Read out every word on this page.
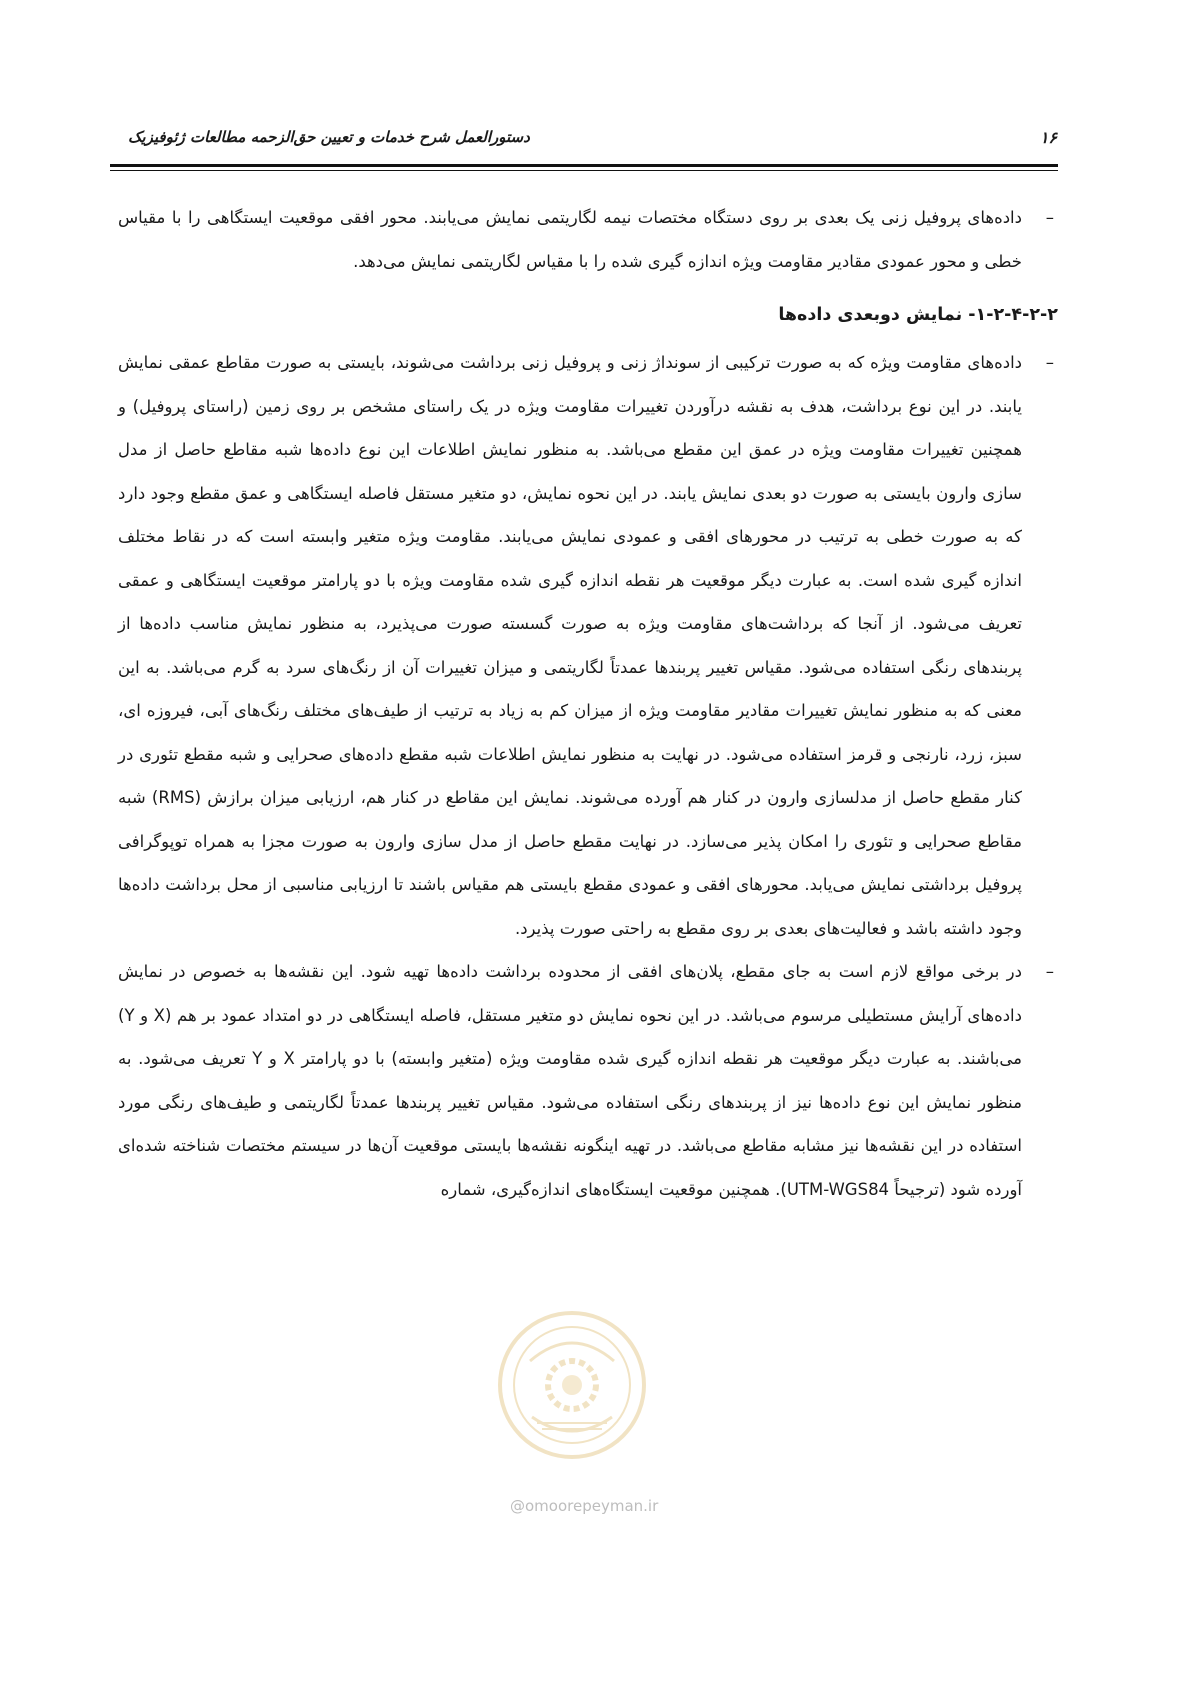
۱۶
دستورالعمل شرح خدمات و تعیین حق‌الزحمه مطالعات ژئوفیزیک

–
داده‌های پروفیل زنی یک بعدی بر روی دستگاه مختصات نیمه لگاریتمی نمایش می‌یابند. محور افقی موقعیت ایستگاهی را با مقیاس خطی و محور عمودی مقادیر مقاومت ویژه اندازه گیری شده را با مقیاس لگاریتمی نمایش می‌دهد.

۱-۲-۴-۲-۲- نمایش دوبعدی داده‌ها

–
داده‌های مقاومت ویژه که به صورت ترکیبی از سونداژ زنی و پروفیل زنی برداشت می‌شوند، بایستی به صورت مقاطع عمقی نمایش یابند. در این نوع برداشت، هدف به نقشه درآوردن تغییرات مقاومت ویژه در یک راستای مشخص بر روی زمین (راستای پروفیل) و همچنین تغییرات مقاومت ویژه در عمق این مقطع می‌باشد. به منظور نمایش اطلاعات این نوع داده‌ها شبه مقاطع حاصل از مدل سازی وارون بایستی به صورت دو بعدی نمایش یابند. در این نحوه نمایش، دو متغیر مستقل فاصله ایستگاهی و عمق مقطع وجود دارد که به صورت خطی به ترتیب در محورهای افقی و عمودی نمایش می‌یابند. مقاومت ویژه متغیر وابسته است که در نقاط مختلف اندازه گیری شده است. به عبارت دیگر موقعیت هر نقطه اندازه گیری شده مقاومت ویژه با دو پارامتر موقعیت ایستگاهی و عمقی تعریف می‌شود. از آنجا که برداشت‌های مقاومت ویژه به صورت گسسته صورت می‌پذیرد، به منظور نمایش مناسب داده‌ها از پربندهای رنگی استفاده می‌شود. مقیاس تغییر پربندها عمدتاً لگاریتمی و میزان تغییرات آن از رنگ‌های سرد به گرم می‌باشد. به این معنی که به منظور نمایش تغییرات مقادیر مقاومت ویژه از میزان کم به زیاد به ترتیب از طیف‌های مختلف رنگ‌های آبی، فیروزه ای، سبز، زرد، نارنجی و قرمز استفاده می‌شود. در نهایت به منظور نمایش اطلاعات شبه مقطع داده‌های صحرایی و شبه مقطع تئوری در کنار مقطع حاصل از مدلسازی وارون در کنار هم آورده می‌شوند. نمایش این مقاطع در کنار هم، ارزیابی میزان برازش (RMS) شبه مقاطع صحرایی و تئوری را امکان پذیر می‌سازد. در نهایت مقطع حاصل از مدل سازی وارون به صورت مجزا به همراه توپوگرافی پروفیل برداشتی نمایش می‌یابد. محورهای افقی و عمودی مقطع بایستی هم مقیاس باشند تا ارزیابی مناسبی از محل برداشت داده‌ها وجود داشته باشد و فعالیت‌های بعدی بر روی مقطع به راحتی صورت پذیرد.

–
در برخی مواقع لازم است به جای مقطع، پلان‌های افقی از محدوده برداشت داده‌ها تهیه شود. این نقشه‌ها به خصوص در نمایش داده‌های آرایش مستطیلی مرسوم می‌باشد. در این نحوه نمایش دو متغیر مستقل، فاصله ایستگاهی در دو امتداد عمود بر هم (X و Y) می‌باشند. به عبارت دیگر موقعیت هر نقطه اندازه گیری شده مقاومت ویژه (متغیر وابسته) با دو پارامتر X و Y تعریف می‌شود. به منظور نمایش این نوع داده‌ها نیز از پربندهای رنگی استفاده می‌شود. مقیاس تغییر پربندها عمدتاً لگاریتمی و طیف‌های رنگی مورد استفاده در این نقشه‌ها نیز مشابه مقاطع می‌باشد. در تهیه اینگونه نقشه‌ها بایستی موقعیت آن‌ها در سیستم مختصات شناخته شده‌ای آورده شود (ترجیحاً UTM-WGS84). همچنین موقعیت ایستگاه‌های اندازه‌گیری، شماره

@omoorepeyman.ir
